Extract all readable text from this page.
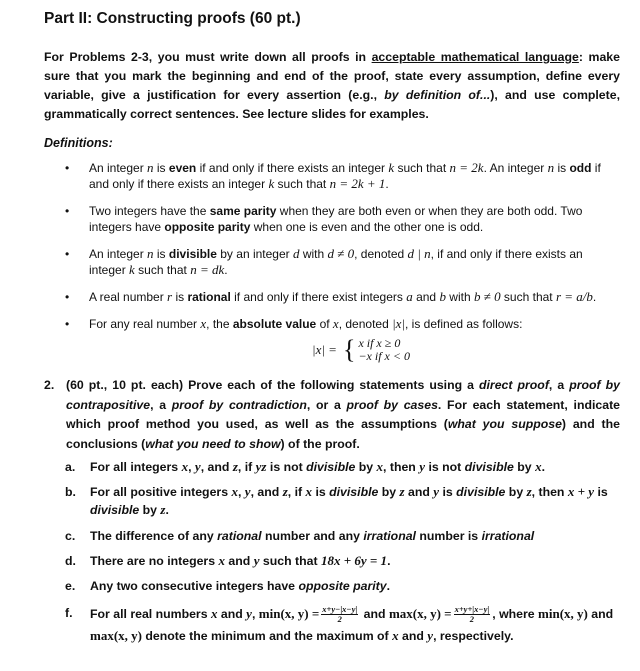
Part II: Constructing proofs (60 pt.)
For Problems 2-3, you must write down all proofs in acceptable mathematical language: make sure that you mark the beginning and end of the proof, state every assumption, define every variable, give a justification for every assertion (e.g., by definition of...), and use complete, grammatically correct sentences. See lecture slides for examples.
Definitions:
• An integer n is even if and only if there exists an integer k such that n = 2k. An integer n is odd if and only if there exists an integer k such that n = 2k + 1.
• Two integers have the same parity when they are both even or when they are both odd. Two integers have opposite parity when one is even and the other one is odd.
• An integer n is divisible by an integer d with d ≠ 0, denoted d | n, if and only if there exists an integer k such that n = dk.
• A real number r is rational if and only if there exist integers a and b with b ≠ 0 such that r = a/b.
• For any real number x, the absolute value of x, denoted |x|, is defined as follows:
|x| = { x if x ≥ 0
−x if x < 0
2. (60 pt., 10 pt. each) Prove each of the following statements using a direct proof, a proof by contrapositive, a proof by contradiction, or a proof by cases. For each statement, indicate which proof method you used, as well as the assumptions (what you suppose) and the conclusions (what you need to show) of the proof.
a. For all integers x, y, and z, if yz is not divisible by x, then y is not divisible by x.
b. For all positive integers x, y, and z, if x is divisible by z and y is divisible by z, then x + y is divisible by z.
c. The difference of any rational number and any irrational number is irrational
d. There are no integers x and y such that 18x + 6y = 1.
e. Any two consecutive integers have opposite parity.
f. For all real numbers x and y, min(x, $y) = \frac{x+y-|x-y|}{2}$ and max(x, $y) = \frac{x+y+|x-y|}{2}$ , where min(x, y) and max(x, y) denote the minimum and the maximum of x and y, respectively.
